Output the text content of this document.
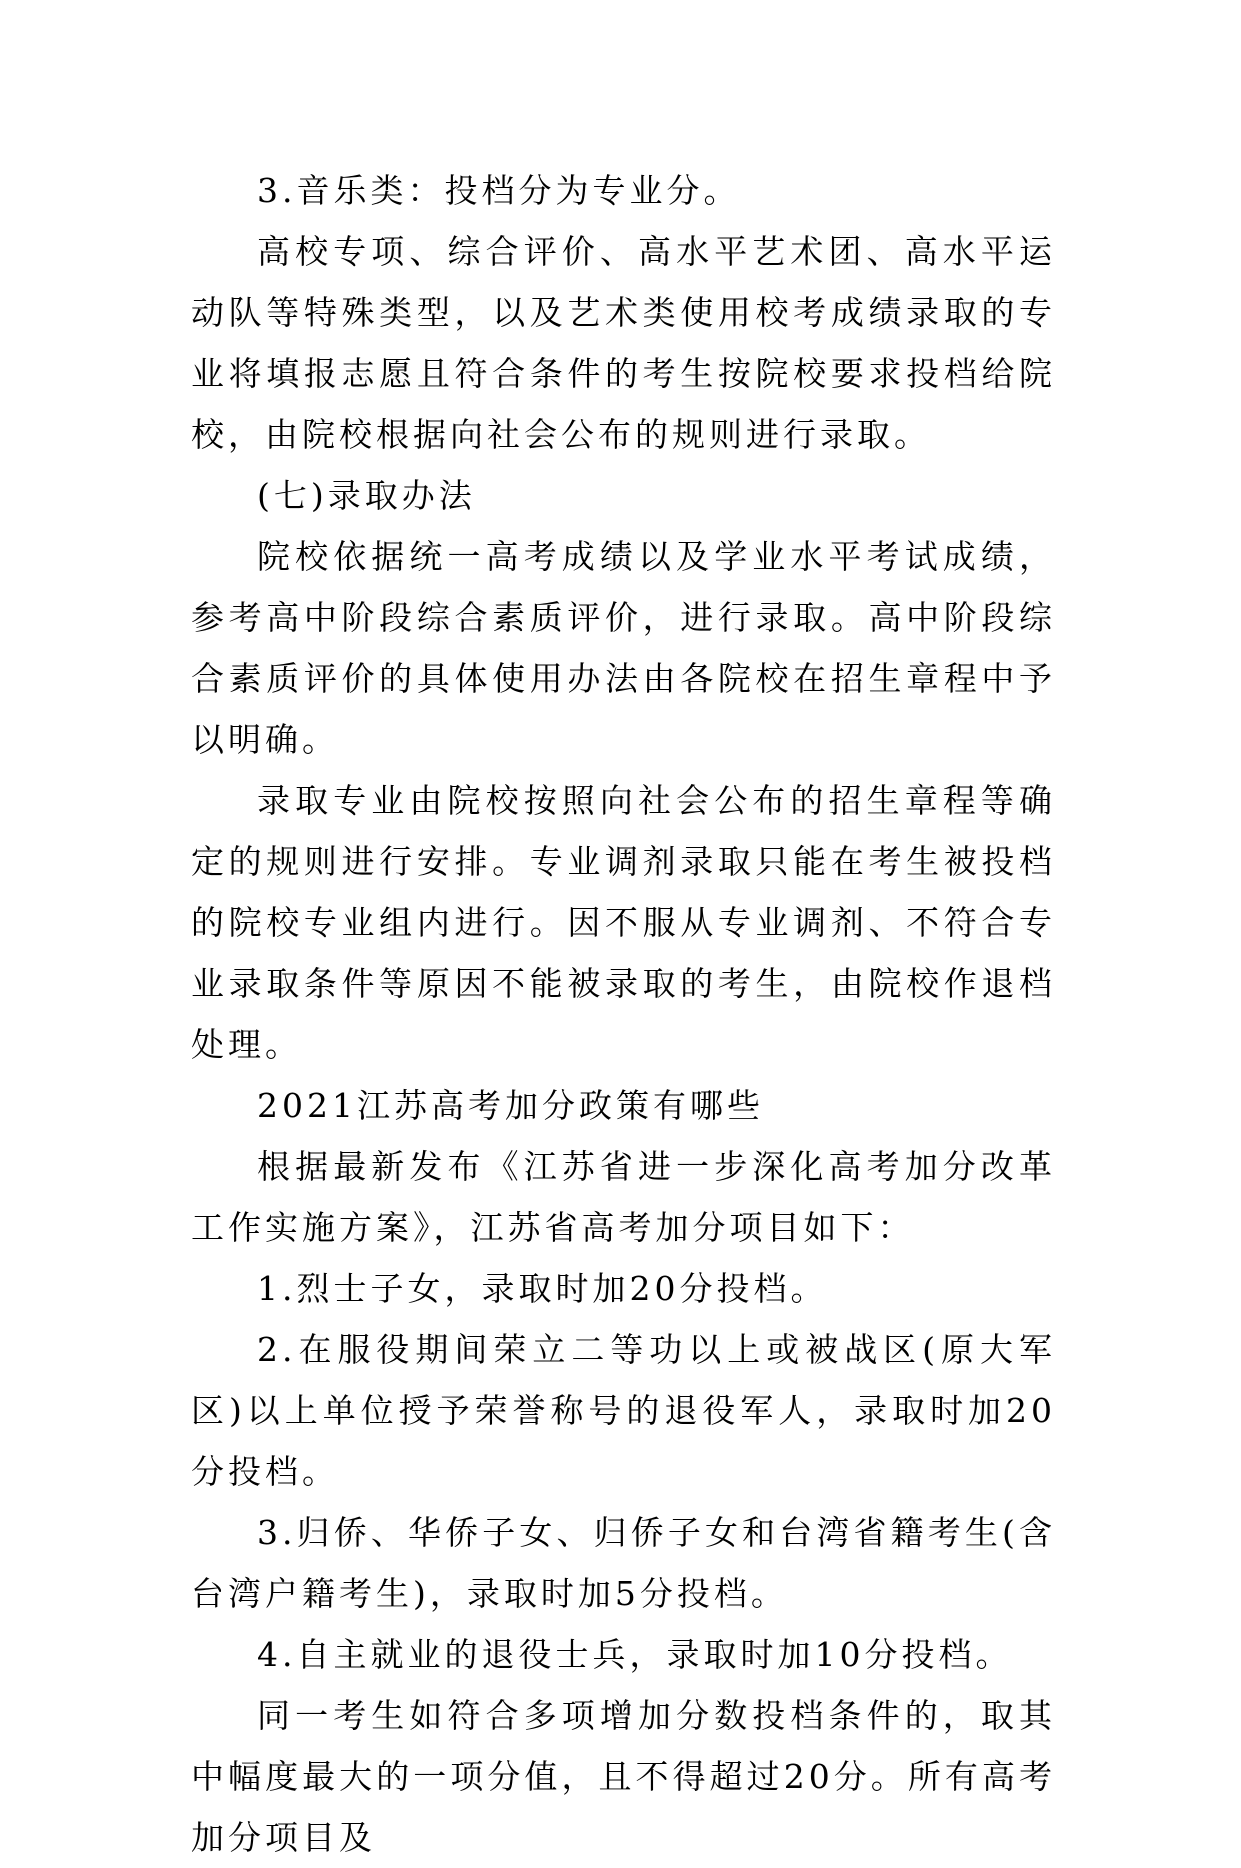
3.音乐类：投档分为专业分。

高校专项、综合评价、高水平艺术团、高水平运动队等特殊类型，以及艺术类使用校考成绩录取的专业将填报志愿且符合条件的考生按院校要求投档给院校，由院校根据向社会公布的规则进行录取。

(七)录取办法

院校依据统一高考成绩以及学业水平考试成绩，参考高中阶段综合素质评价，进行录取。高中阶段综合素质评价的具体使用办法由各院校在招生章程中予以明确。

录取专业由院校按照向社会公布的招生章程等确定的规则进行安排。专业调剂录取只能在考生被投档的院校专业组内进行。因不服从专业调剂、不符合专业录取条件等原因不能被录取的考生，由院校作退档处理。

2021江苏高考加分政策有哪些

根据最新发布《江苏省进一步深化高考加分改革工作实施方案》，江苏省高考加分项目如下：

1.烈士子女，录取时加20分投档。

2.在服役期间荣立二等功以上或被战区(原大军区)以上单位授予荣誉称号的退役军人，录取时加20分投档。

3.归侨、华侨子女、归侨子女和台湾省籍考生(含台湾户籍考生)，录取时加5分投档。

4.自主就业的退役士兵，录取时加10分投档。

同一考生如符合多项增加分数投档条件的，取其中幅度最大的一项分值，且不得超过20分。所有高考加分项目及
